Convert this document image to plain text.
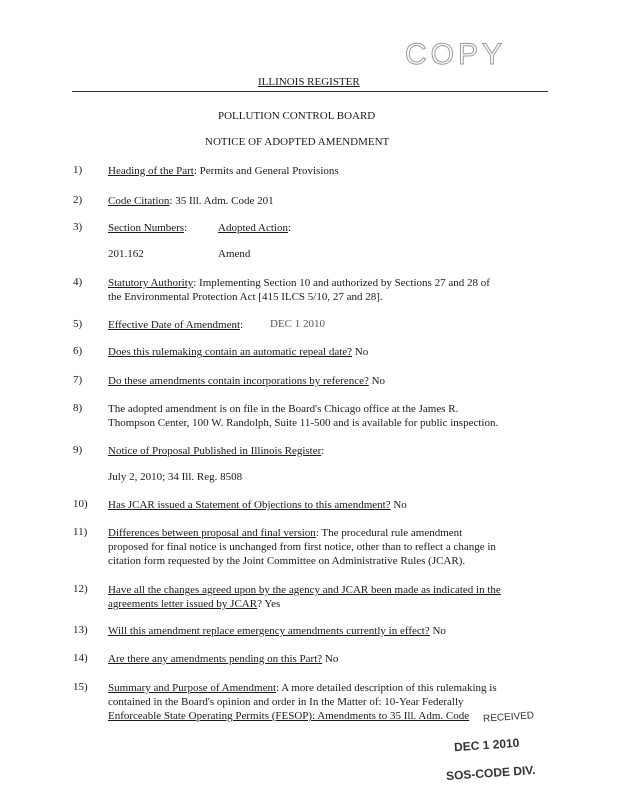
COPY
ILLINOIS REGISTER
POLLUTION CONTROL BOARD
NOTICE OF ADOPTED AMENDMENT
1)	Heading of the Part: Permits and General Provisions
2)	Code Citation: 35 Ill. Adm. Code 201
3)	Section Numbers:	Adopted Action:
201.162	Amend
4)	Statutory Authority: Implementing Section 10 and authorized by Sections 27 and 28 of
the Environmental Protection Act [415 ILCS 5/10, 27 and 28].
5)	Effective Date of Amendment:	DEC 1 2010
6)	Does this rulemaking contain an automatic repeal date? No
7)	Do these amendments contain incorporations by reference? No
8)	The adopted amendment is on file in the Board's Chicago office at the James R.
Thompson Center, 100 W. Randolph, Suite 11-500 and is available for public inspection.
9)	Notice of Proposal Published in Illinois Register:
July 2, 2010; 34 Ill. Reg. 8508
10)	Has JCAR issued a Statement of Objections to this amendment? No
11)	Differences between proposal and final version: The procedural rule amendment
proposed for final notice is unchanged from first notice, other than to reflect a change in
citation form requested by the Joint Committee on Administrative Rules (JCAR).
12)	Have all the changes agreed upon by the agency and JCAR been made as indicated in the
agreements letter issued by JCAR? Yes
13)	Will this amendment replace emergency amendments currently in effect? No
14)	Are there any amendments pending on this Part? No
15)	Summary and Purpose of Amendment: A more detailed description of this rulemaking is
contained in the Board's opinion and order in In the Matter of: 10-Year Federally
Enforceable State Operating Permits (FESOP): Amendments to 35 Ill. Adm. Code	RECEIVED
DEC 1 2010
SOS-CODE DIV.
